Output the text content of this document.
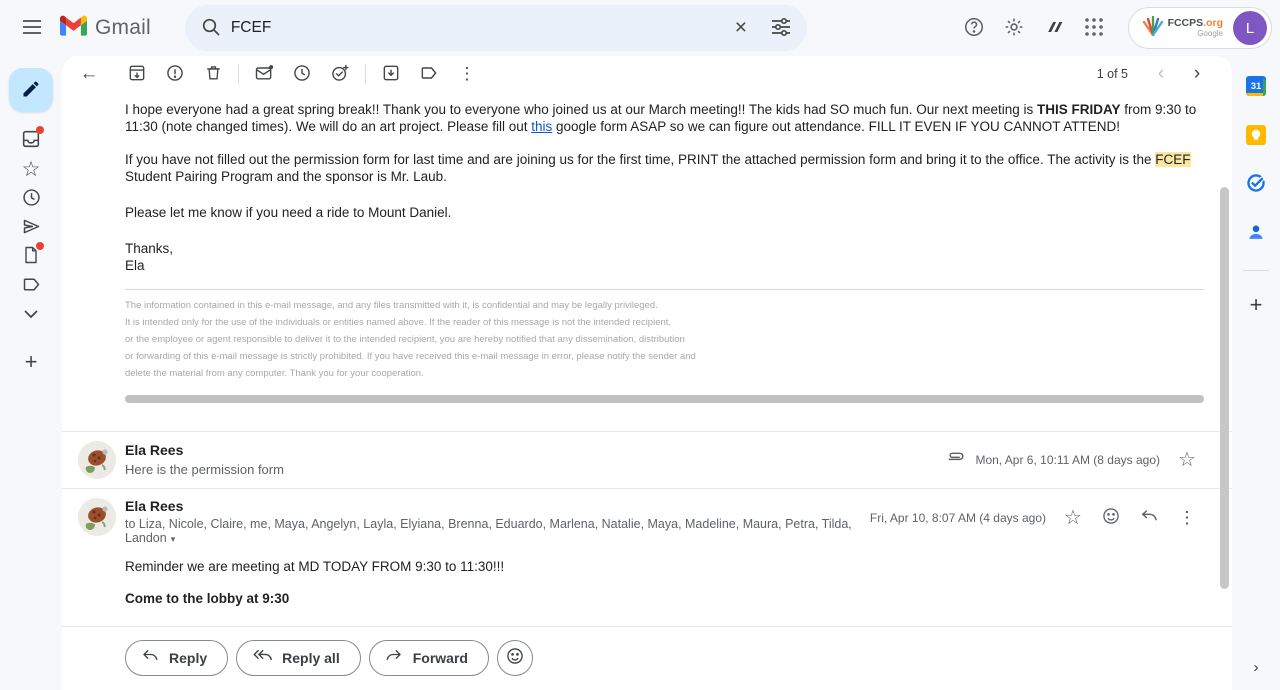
Gmail
FCEF	×	FCCPS.org
Google	L
☆
+
←	⋮	1 of 5	‹	›

I hope everyone had a great spring break!! Thank you to everyone who joined us at our March meeting!! The kids had SO much fun. Our next meeting is THIS FRIDAY from 9:30 to 11:30 (note changed times). We will do an art project. Please fill out this google form ASAP so we can figure out attendance. FILL IT EVEN IF YOU CANNOT ATTEND!

If you have not filled out the permission form for last time and are joining us for the first time, PRINT the attached permission form and bring it to the office. The activity is the FCEF Student Pairing Program and the sponsor is Mr. Laub.

Please let me know if you need a ride to Mount Daniel.

Thanks,
Ela

The information contained in this e-mail message, and any files transmitted with it, is confidential and may be legally privileged.
It is intended only for the use of the individuals or entities named above. If the reader of this message is not the intended recipient,
or the employee or agent responsible to deliver it to the intended recipient, you are hereby notified that any dissemination, distribution
or forwarding of this e-mail message is strictly prohibited. If you have received this e-mail message in error, please notify the sender and
delete the material from any computer. Thank you for your cooperation.
Ela Rees
Here is the permission form
Mon, Apr 6, 10:11 AM (8 days ago) ☆
Ela Rees
to Liza, Nicole, Claire, me, Maya, Angelyn, Layla, Elyiana, Brenna, Eduardo, Marlena, Natalie, Maya, Madeline, Maura, Petra, Tilda, Landon ▾
Fri, Apr 10, 8:07 AM (4 days ago) ☆	⋮
Reminder we are meeting at MD TODAY FROM 9:30 to 11:30!!!
Come to the lobby at 9:30
Reply	Reply all	Forward
31
+
›
